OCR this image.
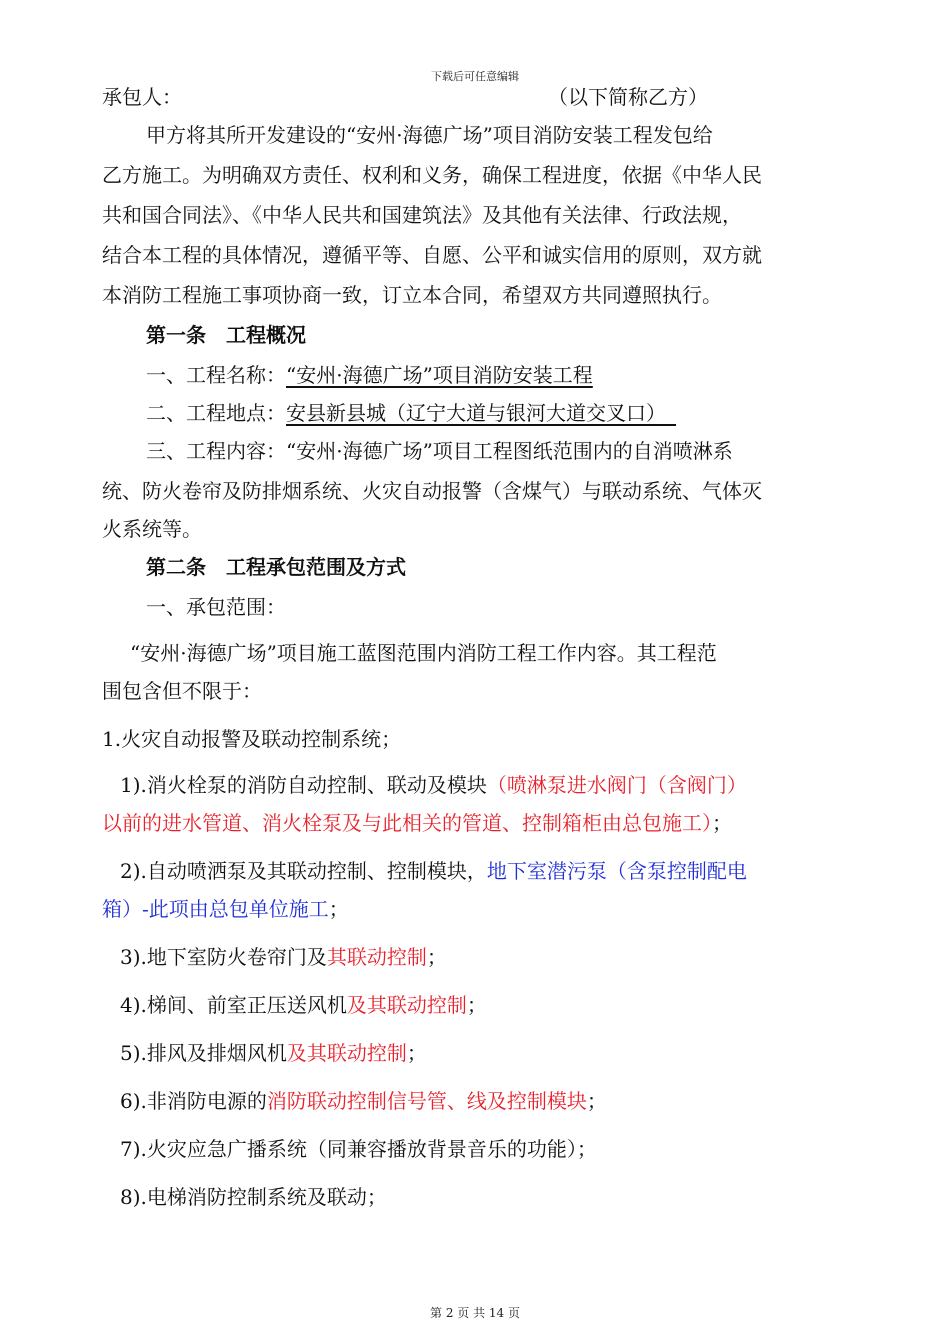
下载后可任意编辑
承包人：	（以下简称乙方）
甲方将其所开发建设的“安州·海德广场”项目消防安装工程发包给
乙方施工。为明确双方责任、权利和义务，确保工程进度，依据《中华人民
共和国合同法》、《中华人民共和国建筑法》及其他有关法律、行政法规，
结合本工程的具体情况，遵循平等、自愿、公平和诚实信用的原则，双方就
本消防工程施工事项协商一致，订立本合同，希望双方共同遵照执行。
第一条　工程概况
一、工程名称：“安州·海德广场”项目消防安装工程
二、工程地点：安县新县城（辽宁大道与银河大道交叉口）　
三、工程内容：“安州·海德广场”项目工程图纸范围内的自消喷淋系
统、防火卷帘及防排烟系统、火灾自动报警（含煤气）与联动系统、气体灭
火系统等。
第二条　工程承包范围及方式
一、承包范围：
“安州·海德广场”项目施工蓝图范围内消防工程工作内容。其工程范
围包含但不限于：
1.火灾自动报警及联动控制系统；
1).消火栓泵的消防自动控制、联动及模块（喷淋泵进水阀门（含阀门）
以前的进水管道、消火栓泵及与此相关的管道、控制箱柜由总包施工）；
2).自动喷洒泵及其联动控制、控制模块，地下室潜污泵（含泵控制配电
箱）-此项由总包单位施工；
3).地下室防火卷帘门及其联动控制；
4).梯间、前室正压送风机及其联动控制；
5).排风及排烟风机及其联动控制；
6).非消防电源的消防联动控制信号管、线及控制模块；
7).火灾应急广播系统（同兼容播放背景音乐的功能）；
8).电梯消防控制系统及联动；
第 2 页 共 14 页
